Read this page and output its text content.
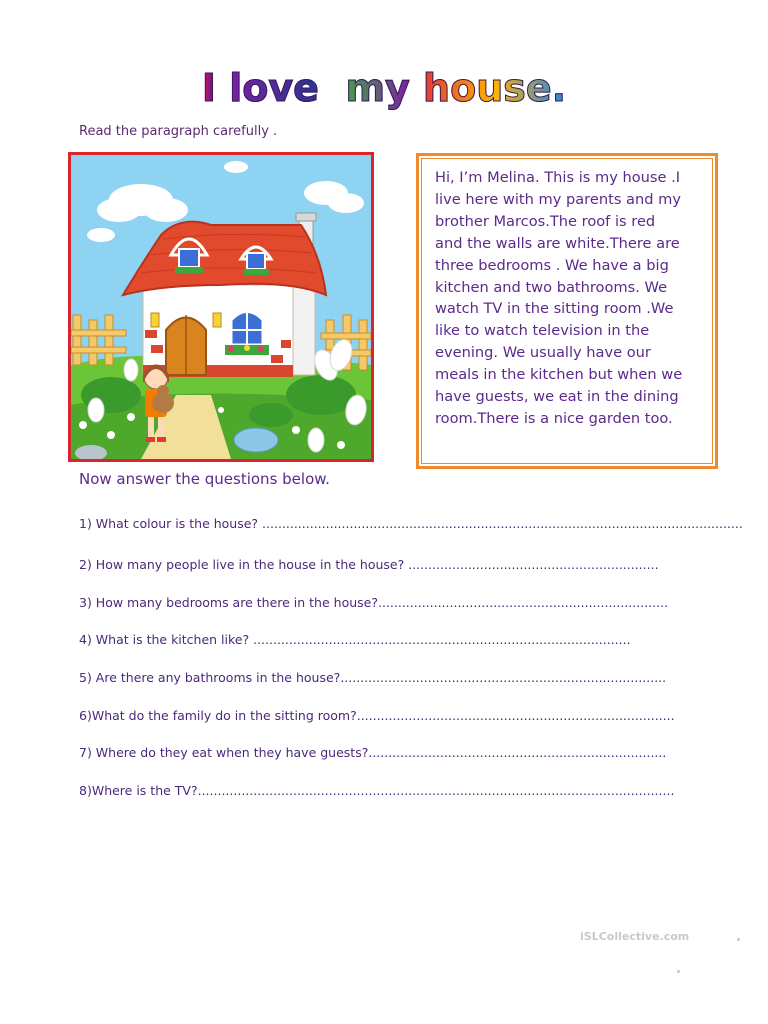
I love my house.
Read the paragraph carefully .

Hi, I’m Melina. This is my house .I
live here with my parents and my
brother Marcos.The roof is red
and the walls are white.There are
three bedrooms . We have a big
kitchen and two bathrooms. We
watch TV in the sitting room .We
like to watch television in the
evening. We usually have our
meals in the kitchen but when we
have guests, we eat in the dining
room.There is a nice garden too.

Now answer the questions below.
1) What colour is the house? .........................................................................................................................
2) How many people live in the house in the house? ...............................................................
3) How many bedrooms are there in the house?.........................................................................
4) What is the kitchen like? ...............................................................................................
5) Are there any bathrooms in the house?..................................................................................
6)What do the family do in the sitting room?................................................................................
7) Where do they eat when they have guests?...........................................................................
8)Where is the TV?........................................................................................................................
iSLCollective.com
